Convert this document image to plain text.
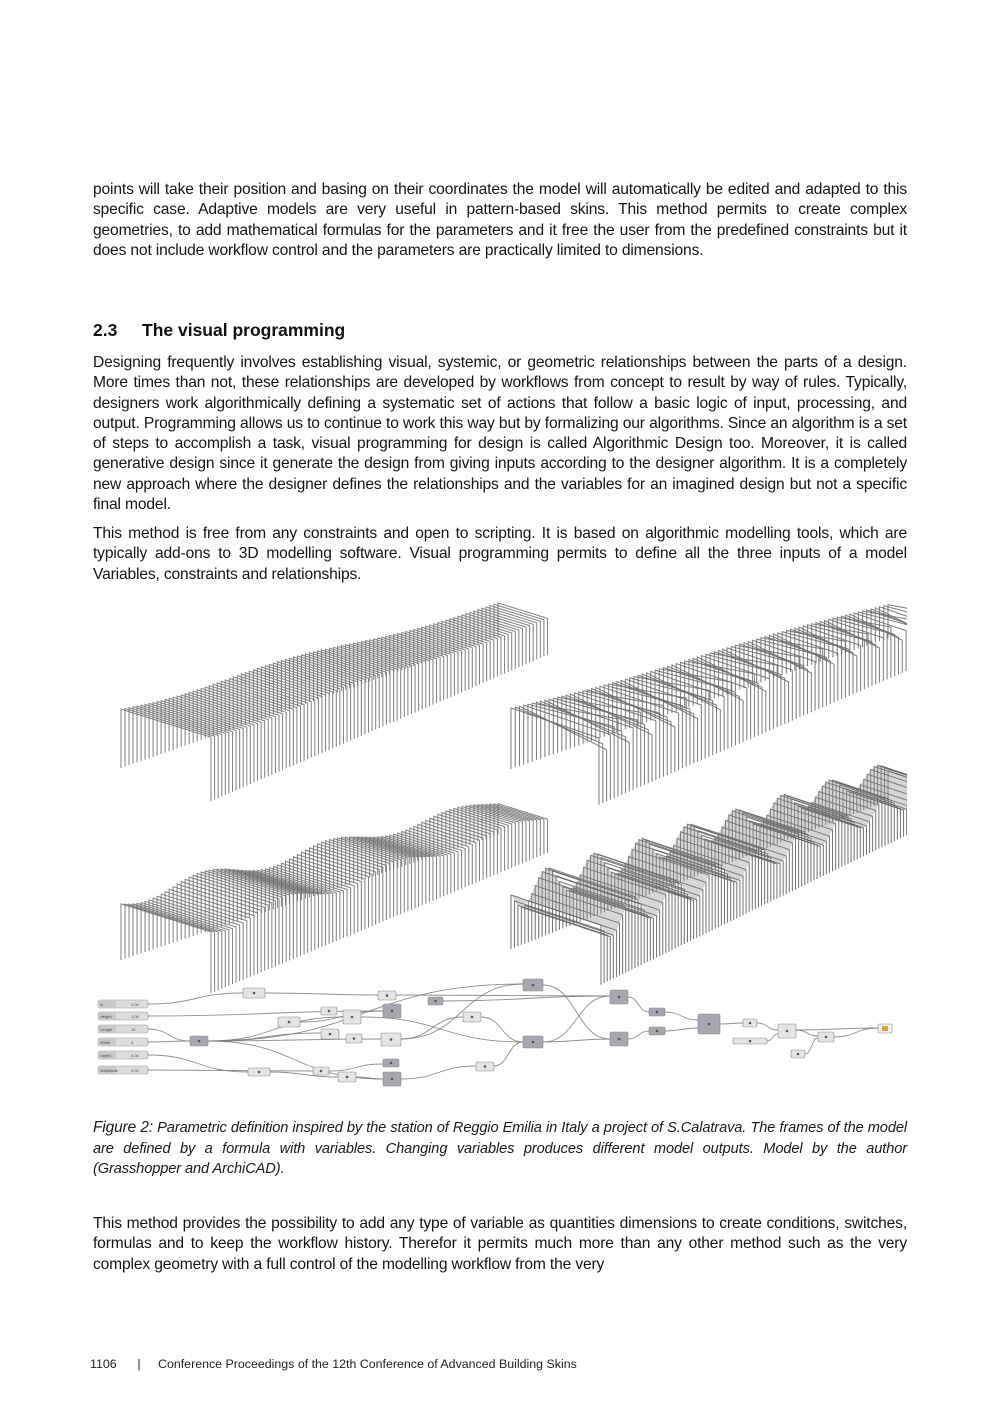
points will take their position and basing on their coordinates the model will automatically be edited and adapted to this specific case. Adaptive models are very useful in pattern-based skins. This method permits to create complex geometries, to add mathematical formulas for the parameters and it free the user from the predefined constraints but it does not include workflow control and the parameters are practically limited to dimensions.
2.3 The visual programming
Designing frequently involves establishing visual, systemic, or geometric relationships between the parts of a design. More times than not, these relationships are developed by workflows from concept to result by way of rules. Typically, designers work algorithmically defining a systematic set of actions that follow a basic logic of input, processing, and output. Programming allows us to continue to work this way but by formalizing our algorithms. Since an algorithm is a set of steps to accomplish a task, visual programming for design is called Algorithmic Design too. Moreover, it is called generative design since it generate the design from giving inputs according to the designer algorithm. It is a completely new approach where the designer defines the relationships and the variables for an imagined design but not a specific final model.
This method is free from any constraints and open to scripting. It is based on algorithmic modelling tools, which are typically add-ons to 3D modelling software. Visual programming permits to define all the three inputs of a model Variables, constraints and relationships.
N	1.00
Height	1.00
Length	10
Width	4
Depth	0.00
Amplitude	0.00
Figure 2: Parametric definition inspired by the station of Reggio Emilia in Italy a project of S.Calatrava. The frames of the model are defined by a formula with variables. Changing variables produces different model outputs. Model by the author (Grasshopper and ArchiCAD).
This method provides the possibility to add any type of variable as quantities dimensions to create conditions, switches, formulas and to keep the workflow history. Therefor it permits much more than any other method such as the very complex geometry with a full control of the modelling workflow from the very
1106 | Conference Proceedings of the 12th Conference of Advanced Building Skins
